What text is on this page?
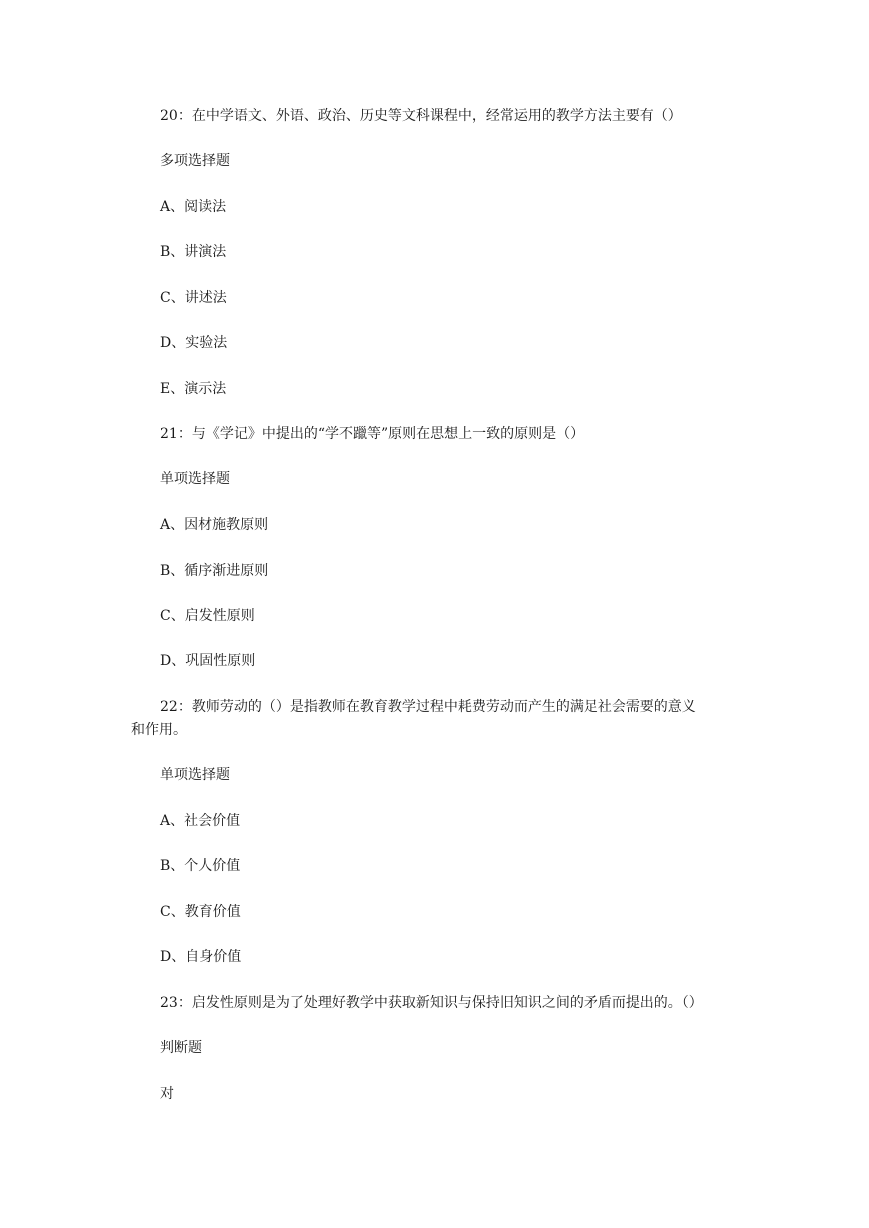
20：在中学语文、外语、政治、历史等文科课程中，经常运用的教学方法主要有（）
多项选择题
A、阅读法
B、讲演法
C、讲述法
D、实验法
E、演示法
21：与《学记》中提出的“学不躐等”原则在思想上一致的原则是（）
单项选择题
A、因材施教原则
B、循序渐进原则
C、启发性原则
D、巩固性原则
22：教师劳动的（）是指教师在教育教学过程中耗费劳动而产生的满足社会需要的意义
和作用。
单项选择题
A、社会价值
B、个人价值
C、教育价值
D、自身价值
23：启发性原则是为了处理好教学中获取新知识与保持旧知识之间的矛盾而提出的。（）
判断题
对
